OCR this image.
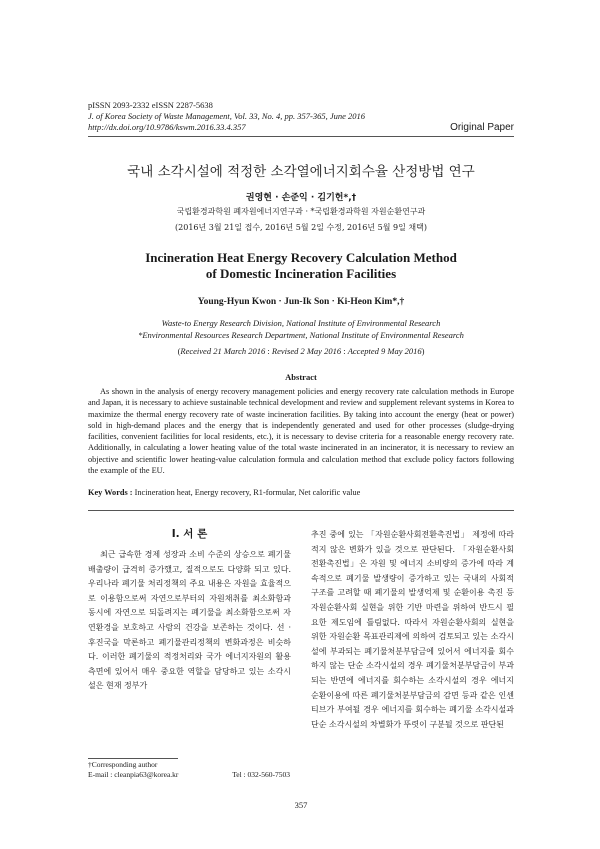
pISSN 2093-2332 eISSN 2287-5638
J. of Korea Society of Waste Management, Vol. 33, No. 4, pp. 357-365, June 2016
http://dx.doi.org/10.9786/kswm.2016.33.4.357	Original Paper
국내 소각시설에 적정한 소각열에너지회수율 산정방법 연구
권영현 · 손준익 · 김기헌*,†
국립환경과학원 폐자원에너지연구과 · *국립환경과학원 자원순환연구과
(2016년 3월 21일 접수, 2016년 5월 2일 수정, 2016년 5월 9일 채택)
Incineration Heat Energy Recovery Calculation Method
of Domestic Incineration Facilities
Young-Hyun Kwon · Jun-Ik Son · Ki-Heon Kim*,†
Waste-to Energy Research Division, National Institute of Environmental Research
*Environmental Resources Research Department, National Institute of Environmental Research
(Received 21 March 2016 : Revised 2 May 2016 : Accepted 9 May 2016)
Abstract
As shown in the analysis of energy recovery management policies and energy recovery rate calculation methods in Europe and Japan, it is necessary to achieve sustainable technical development and review and supplement relevant systems in Korea to maximize the thermal energy recovery rate of waste incineration facilities. By taking into account the energy (heat or power) sold in high-demand places and the energy that is independently generated and used for other processes (sludge-drying facilities, convenient facilities for local residents, etc.), it is necessary to devise criteria for a reasonable energy recovery rate. Additionally, in calculating a lower heating value of the total waste incinerated in an incinerator, it is necessary to review an objective and scientific lower heating-value calculation formula and calculation method that exclude policy factors following the example of the EU.
Key Words : Incineration heat, Energy recovery, R1-formular, Net calorific value
I. 서 론
최근 급속한 경제 성장과 소비 수준의 상승으로 폐기물 배출량이 급격히 증가했고, 질적으로도 다양화 되고 있다. 우리나라 폐기물 처리정책의 주요 내용은 자원을 효율적으로 이용함으로써 자연으로부터의 자원채취를 최소화함과 동시에 자연으로 되돌려지는 폐기물을 최소화함으로써 자연환경을 보호하고 사람의 건강을 보존하는 것이다. 선 · 후진국을 막론하고 폐기물관리정책의 변화과정은 비슷하다. 이러한 폐기물의 적정처리와 국가 에너지자원의 활용 측면에 있어서 매우 중요한 역할을 담당하고 있는 소각시설은 현재 정부가
추진 중에 있는 「자원순환사회전환촉진법」 제정에 따라 적지 않은 변화가 있을 것으로 판단된다. 「자원순환사회전환촉진법」은 자원 및 에너지 소비량의 증가에 따라 계속적으로 폐기물 발생량이 증가하고 있는 국내의 사회적 구조를 고려할 때 폐기물의 발생억제 및 순환이용 촉진 등 자원순환사회 실현을 위한 기반 마련을 위하여 반드시 필요한 제도임에 틀림없다. 따라서 자원순환사회의 실현을 위한 자원순환 목표관리제에 의하여 검토되고 있는 소각시설에 부과되는 폐기물처분부담금에 있어서 에너지를 회수하지 않는 단순 소각시설의 경우 폐기물처분부담금이 부과되는 반면에 에너지를 회수하는 소각시설의 경우 에너지 순환이용에 따른 폐기물처분부담금의 감면 등과 같은 인센티브가 부여될 경우 에너지를 회수하는 폐기물 소각시설과 단순 소각시설의 차별화가 뚜렷이 구분될 것으로 판단된
†Corresponding author
E-mail : cleanpia63@korea.kr	Tel : 032-560-7503
357
